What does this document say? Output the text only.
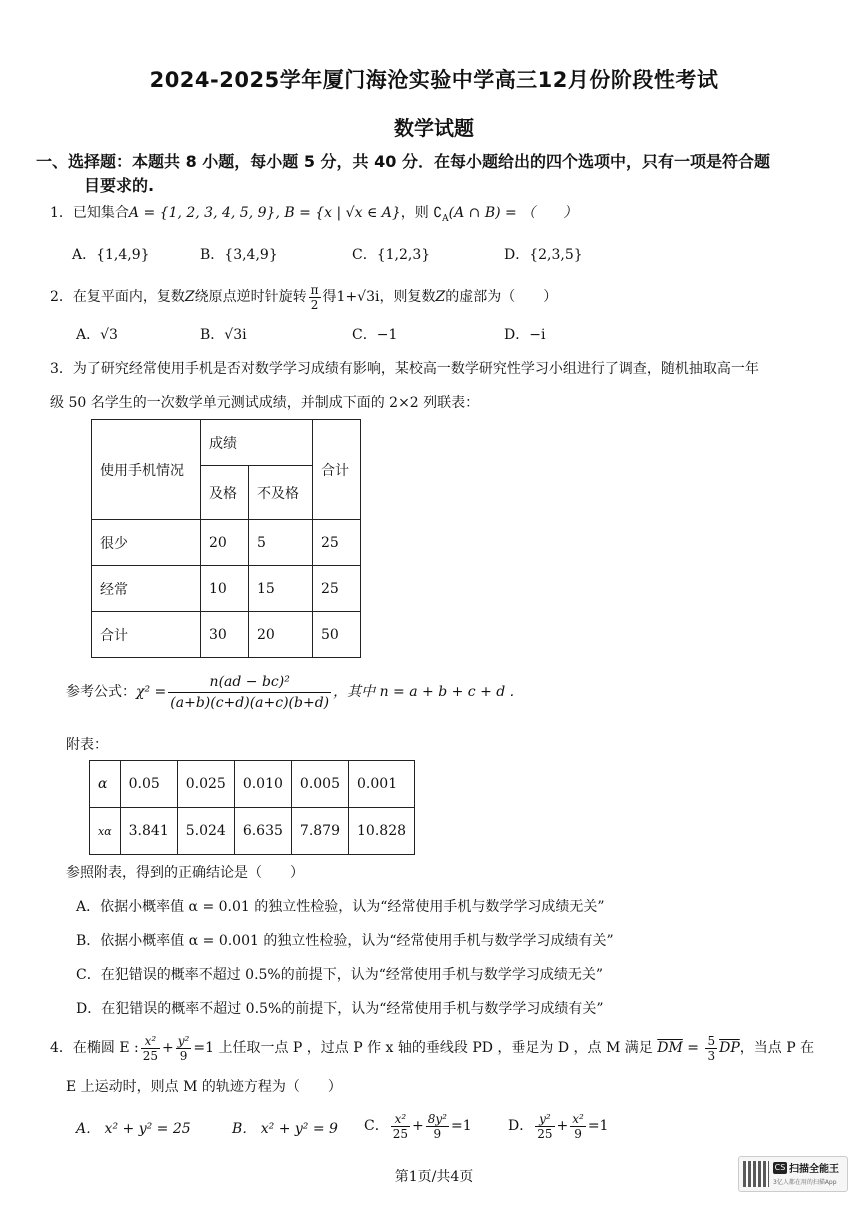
2024-2025学年厦门海沧实验中学高三12月份阶段性考试
数学试题
一、选择题：本题共 8 小题，每小题 5 分，共 40 分．在每小题给出的四个选项中，只有一项是符合题
目要求的.
1．已知集合A = {1, 2, 3, 4, 5, 9}, B = {x | √x ∈ A}，则 $∁_A(A$ ∩ B) = （　　）
A．{1,4,9}	B．{3,4,9}	C．{1,2,3}	D．{2,3,5}
2．在复平面内，复数Z绕原点逆时针旋转 $\frac{\pi}{2}$ 得1+√3i，则复数Z的虚部为（　　）
A．√3	B．√3i	C．−1	D．−i
3．为了研究经常使用手机是否对数学学习成绩有影响，某校高一数学研究性学习小组进行了调查，随机抽取高一年
级 50 名学生的一次数学单元测试成绩，并制成下面的 2×2 列联表：
使用手机情况	成绩		合计
	及格	不及格	
很少	20	5	25
经常	10	15	25
合计	30	20	50
参考公式：$\chi^2 = \frac{\text{n(ad − bc)²}}{(a+b)(c+d)(a+c)(b+d)}$ ，其中 n = a + b + c + d .
附表：
α	0.05	0.025	0.010	0.005	0.001
xα	3.841	5.024	6.635	7.879	10.828
参照附表，得到的正确结论是（　　）
A．依据小概率值 α = 0.01 的独立性检验，认为“经常使用手机与数学学习成绩无关”
B．依据小概率值 α = 0.001 的独立性检验，认为“经常使用手机与数学学习成绩有关”
C．在犯错误的概率不超过 0.5%的前提下，认为“经常使用手机与数学学习成绩无关”
D．在犯错误的概率不超过 0.5%的前提下，认为“经常使用手机与数学学习成绩有关”
4．在椭圆 E : $\frac{\text{x²}}{25} + \frac{\text{y²}}{9} =1$ 上任取一点 P ，过点 P 作 x 轴的垂线段 PD ，垂足为 D ，点 M 满足 $\overline{DM} = \frac{5}{3} \overline{DP}$，当点 P 在
E 上运动时，则点 M 的轨迹方程为（　　）
A． x² + y² = 25	B． x² + y² = 9 C． $\frac{\text{x²}}{25} + \frac{\text{8y²}}{9} =1$	D． $\frac{\text{y²}}{25} + \frac{\text{x²}}{9} =1$
第1页/共4页
CS 扫描全能王
3亿人都在用的扫描App
